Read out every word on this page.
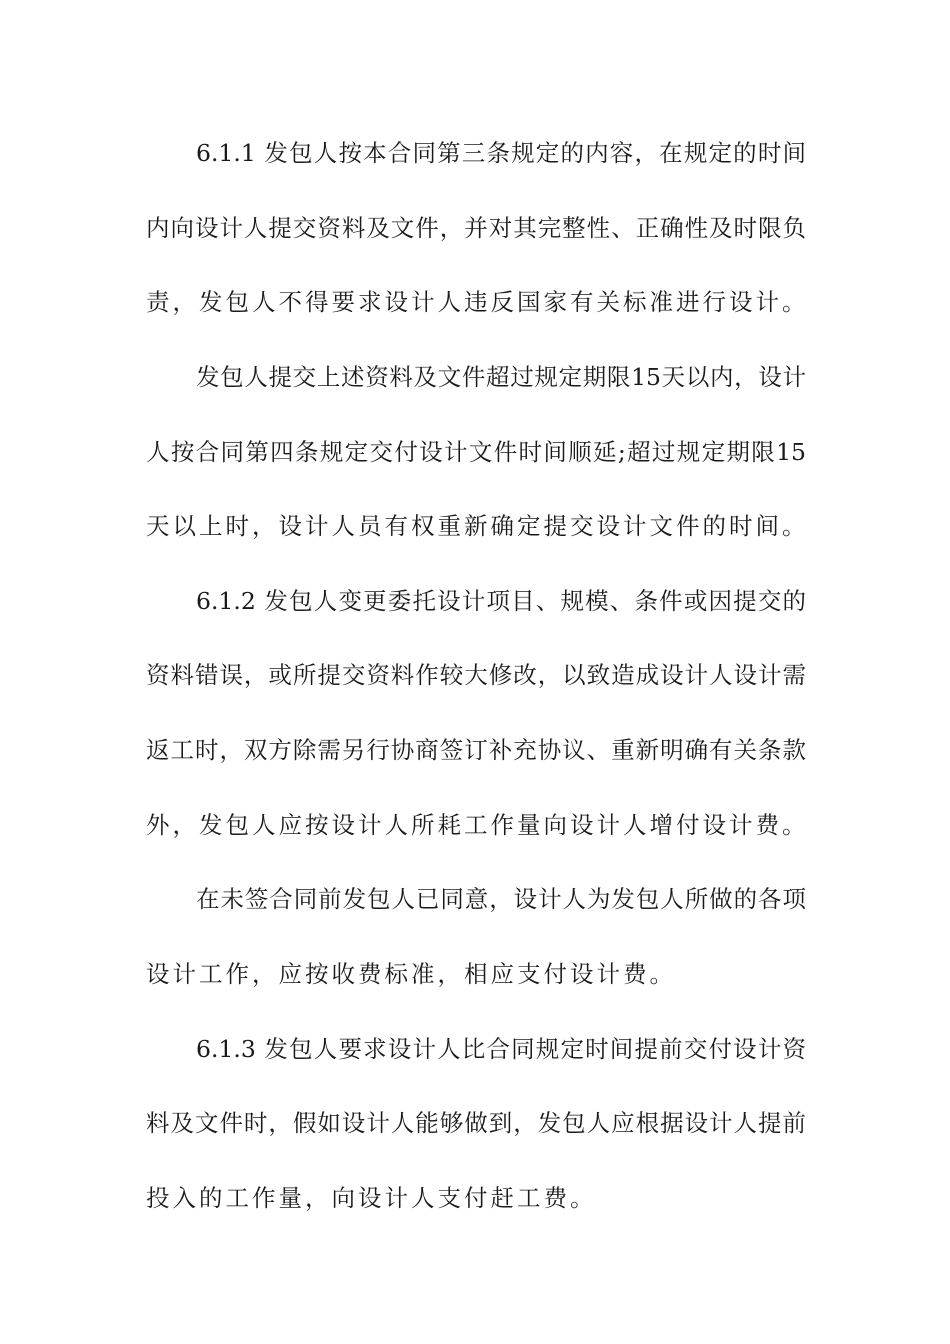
6.1.1 发包人按本合同第三条规定的内容，在规定的时间
内向设计人提交资料及文件，并对其完整性、正确性及时限负
责，发包人不得要求设计人违反国家有关标准进行设计。
发包人提交上述资料及文件超过规定期限15天以内，设计
人按合同第四条规定交付设计文件时间顺延;超过规定期限15
天以上时，设计人员有权重新确定提交设计文件的时间。
6.1.2 发包人变更委托设计项目、规模、条件或因提交的
资料错误，或所提交资料作较大修改，以致造成设计人设计需
返工时，双方除需另行协商签订补充协议、重新明确有关条款
外，发包人应按设计人所耗工作量向设计人增付设计费。
在未签合同前发包人已同意，设计人为发包人所做的各项
设计工作，应按收费标准，相应支付设计费。
6.1.3 发包人要求设计人比合同规定时间提前交付设计资
料及文件时，假如设计人能够做到，发包人应根据设计人提前
投入的工作量，向设计人支付赶工费。
